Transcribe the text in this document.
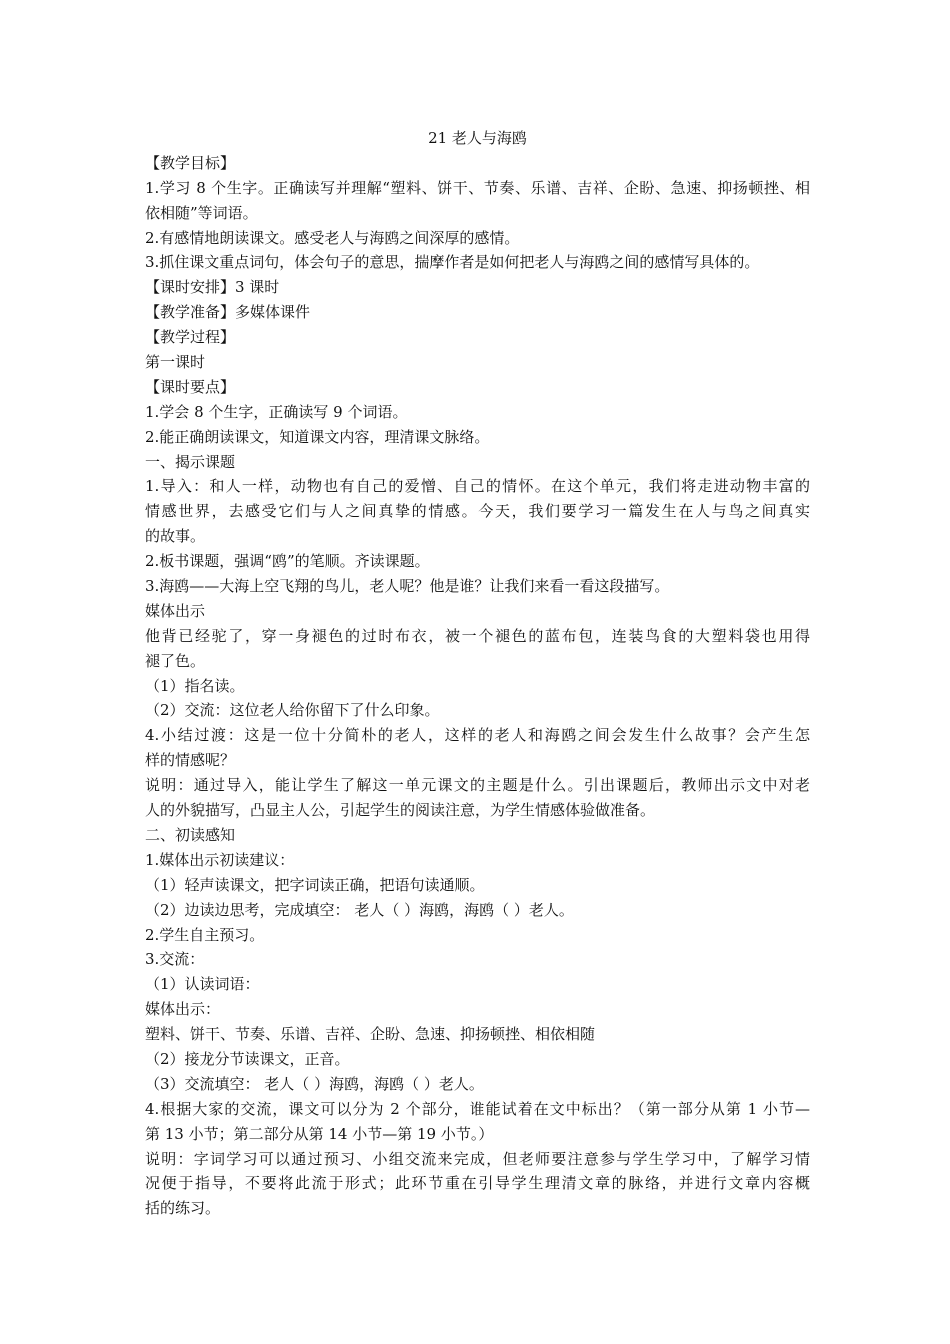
21 老人与海鸥
【教学目标】
1.学习 8 个生字。正确读写并理解“塑料、饼干、节奏、乐谱、吉祥、企盼、急速、抑扬顿挫、相
依相随”等词语。
2.有感情地朗读课文。感受老人与海鸥之间深厚的感情。
3.抓住课文重点词句，体会句子的意思，揣摩作者是如何把老人与海鸥之间的感情写具体的。
【课时安排】3 课时
【教学准备】多媒体课件
【教学过程】
第一课时
【课时要点】
1.学会 8 个生字，正确读写 9 个词语。
2.能正确朗读课文，知道课文内容，理清课文脉络。
一、揭示课题
1.导入：和人一样，动物也有自己的爱憎、自己的情怀。在这个单元，我们将走进动物丰富的
情感世界，去感受它们与人之间真挚的情感。今天，我们要学习一篇发生在人与鸟之间真实
的故事。
2.板书课题，强调“鸥”的笔顺。齐读课题。
3.海鸥——大海上空飞翔的鸟儿，老人呢？他是谁？让我们来看一看这段描写。
媒体出示
他背已经驼了，穿一身褪色的过时布衣，被一个褪色的蓝布包，连装鸟食的大塑料袋也用得
褪了色。
（1）指名读。
（2）交流：这位老人给你留下了什么印象。
4.小结过渡：这是一位十分简朴的老人，这样的老人和海鸥之间会发生什么故事？会产生怎
样的情感呢？
说明：通过导入，能让学生了解这一单元课文的主题是什么。引出课题后，教师出示文中对老
人的外貌描写，凸显主人公，引起学生的阅读注意，为学生情感体验做准备。
二、初读感知
1.媒体出示初读建议：
（1）轻声读课文，把字词读正确，把语句读通顺。
（2）边读边思考，完成填空： 老人（ ）海鸥，海鸥（ ）老人。
2.学生自主预习。
3.交流：
（1）认读词语：
媒体出示：
塑料、饼干、节奏、乐谱、吉祥、企盼、急速、抑扬顿挫、相依相随
（2）接龙分节读课文，正音。
（3）交流填空： 老人（ ）海鸥，海鸥（ ）老人。
4.根据大家的交流，课文可以分为 2 个部分，谁能试着在文中标出？（第一部分从第 1 小节—
第 13 小节；第二部分从第 14 小节—第 19 小节。）
说明：字词学习可以通过预习、小组交流来完成，但老师要注意参与学生学习中，了解学习情
况便于指导，不要将此流于形式；此环节重在引导学生理清文章的脉络，并进行文章内容概
括的练习。
